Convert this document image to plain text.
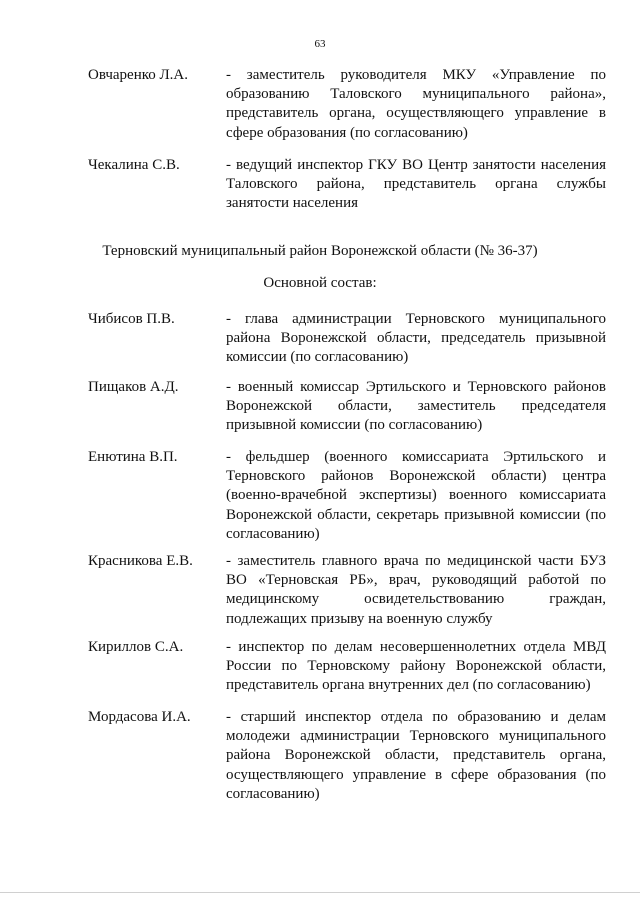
63
Овчаренко Л.А.	- заместитель руководителя МКУ «Управление по образованию Таловского муниципального района», представитель органа, осуществляющего управление в сфере образования (по согласованию)
Чекалина С.В.	- ведущий инспектор ГКУ ВО Центр занятости населения Таловского района, представитель органа службы занятости населения
Терновский муниципальный район Воронежской области (№ 36-37)
Основной состав:
Чибисов П.В.	- глава администрации Терновского муниципального района Воронежской области, председатель призывной комиссии (по согласованию)
Пищаков А.Д.	- военный комиссар Эртильского и Терновского районов Воронежской области, заместитель председателя призывной комиссии (по согласованию)
Енютина В.П.	- фельдшер (военного комиссариата Эртильского и Терновского районов Воронежской области) центра (военно-врачебной экспертизы) военного комиссариата Воронежской области, секретарь призывной комиссии (по согласованию)
Красникова Е.В. - заместитель главного врача по медицинской части БУЗ ВО «Терновская РБ», врач, руководящий работой по медицинскому освидетельствованию граждан, подлежащих призыву на военную службу
Кириллов С.А.	- инспектор по делам несовершеннолетних отдела МВД России по Терновскому району Воронежской области, представитель органа внутренних дел (по согласованию)
Мордасова И.А. - старший инспектор отдела по образованию и делам молодежи администрации Терновского муниципального района Воронежской области, представитель органа, осуществляющего управление в сфере образования (по согласованию)
